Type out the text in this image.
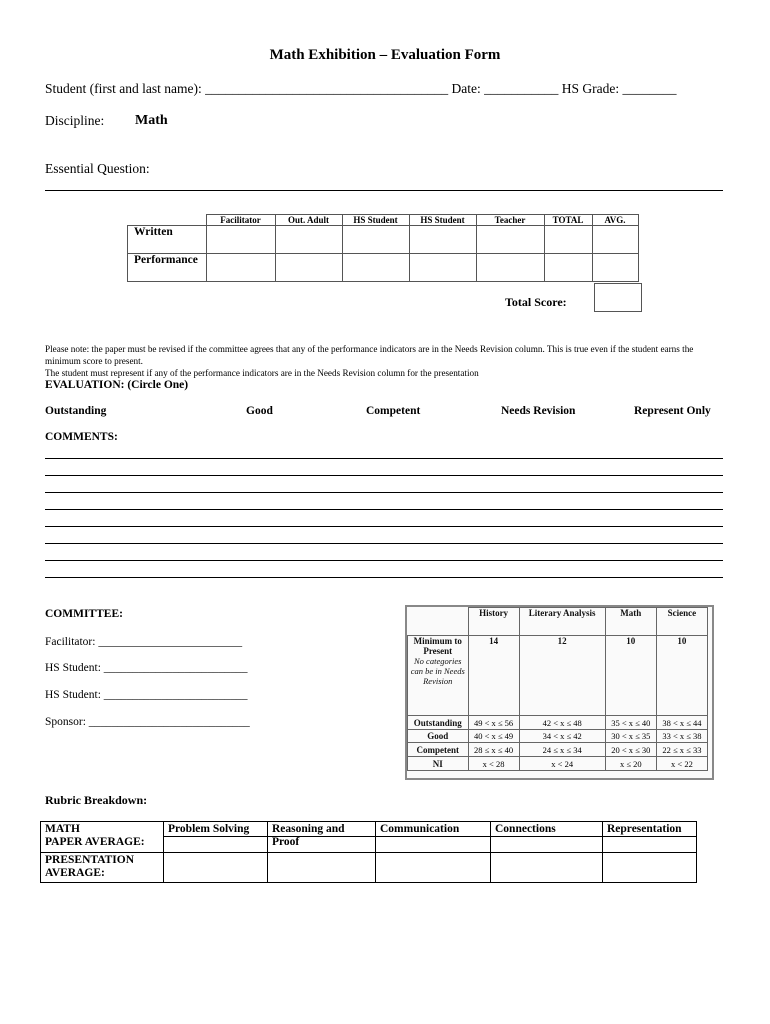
Math Exhibition – Evaluation Form
Student (first and last name): ____________________________________ Date: ___________ HS Grade: ________
Discipline: Math
Essential Question:
	Facilitator	Out. Adult	HS Student	HS Student	Teacher	TOTAL	AVG.
Written							
Performance							
Total Score:
Please note: the paper must be revised if the committee agrees that any of the performance indicators are in the Needs Revision column. This is true even if the student earns the minimum score to present.
The student must represent if any of the performance indicators are in the Needs Revision column for the presentation
EVALUATION: (Circle One)
Outstanding	Good	Competent	Needs Revision	Represent Only
COMMENTS:
COMMITTEE:
Facilitator: _________________________
HS Student: _________________________
HS Student: _________________________
Sponsor: ____________________________
	History	Literary Analysis	Math	Science

Minimum to Present
No categories can be in Needs Revision	14	12	10	10
Outstanding	49 < x ≤ 56	42 < x ≤ 48	35 < x ≤ 40	38 < x ≤ 44
Good	40 < x ≤ 49	34 < x ≤ 42	30 < x ≤ 35	33 < x ≤ 38
Competent	28 ≤ x ≤ 40	24 ≤ x ≤ 34	20 < x ≤ 30	22 ≤ x ≤ 33
NI	x < 28	x < 24	x ≤ 20	x < 22
Rubric Breakdown:
MATH
PAPER AVERAGE:	Problem Solving	Reasoning and Proof	Communication	Connections	Representation

PRESENTATION AVERAGE:					
